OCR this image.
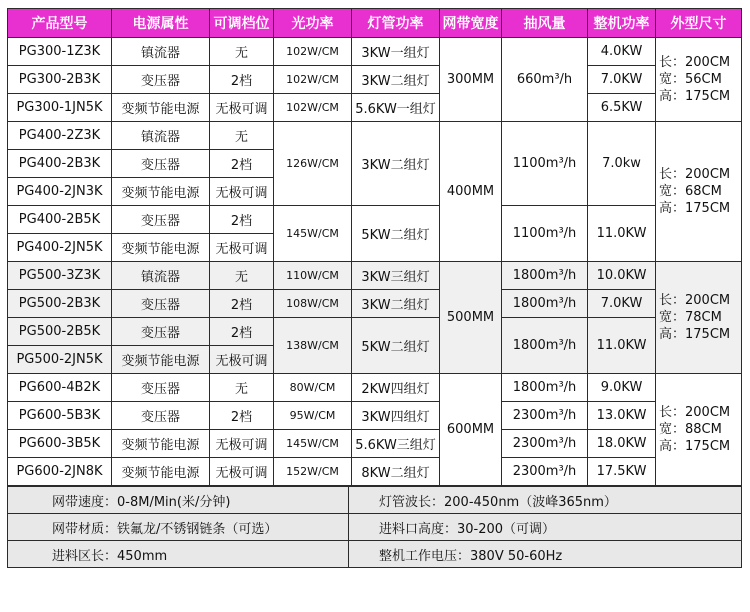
产品型号	电源属性	可调档位	光功率	灯管功率	网带宽度	抽风量	整机功率	外型尺寸
PG300-1Z3K	镇流器	无	102W/CM	3KW一组灯	300MM	660m³/h	4.0KW	长：200CM
宽：56CM
高：175CM

PG300-2B3K	变压器	2档	102W/CM	3KW二组灯			7.0KW	
PG300-1JN5K	变频节能电源	无极可调	102W/CM	5.6KW一组灯			6.5KW	
PG400-2Z3K	镇流器	无	126W/CM	3KW二组灯	400MM	1100m³/h	7.0kw	长：200CM
宽：68CM
高：175CM

PG400-2B3K	变压器	2档						
PG400-2JN3K	变频节能电源	无极可调						
PG400-2B5K	变压器	2档	145W/CM	5KW二组灯		1100m³/h	11.0KW	
PG400-2JN5K	变频节能电源	无极可调						
PG500-3Z3K	镇流器	无	110W/CM	3KW三组灯	500MM	1800m³/h	10.0KW	长：200CM
宽：78CM
高：175CM

PG500-2B3K	变压器	2档	108W/CM	3KW二组灯		1800m³/h	7.0KW	
PG500-2B5K	变压器	2档	138W/CM	5KW二组灯		1800m³/h	11.0KW	
PG500-2JN5K	变频节能电源	无极可调						
PG600-4B2K	变压器	无	80W/CM	2KW四组灯	600MM	1800m³/h	9.0KW	长：200CM
宽：88CM
高：175CM

PG600-5B3K	变压器	2档	95W/CM	3KW四组灯		2300m³/h	13.0KW	
PG600-3B5K	变频节能电源	无极可调	145W/CM	5.6KW三组灯		2300m³/h	18.0KW	
PG600-2JN8K	变频节能电源	无极可调	152W/CM	8KW二组灯		2300m³/h	17.5KW	
网带速度：0-8M/Min(米/分钟)	灯管波长：200-450nm（波峰365nm）
网带材质：铁氟龙/不锈钢链条（可选）	进料口高度：30-200（可调）
进料区长：450mm	整机工作电压：380V 50-60Hz
